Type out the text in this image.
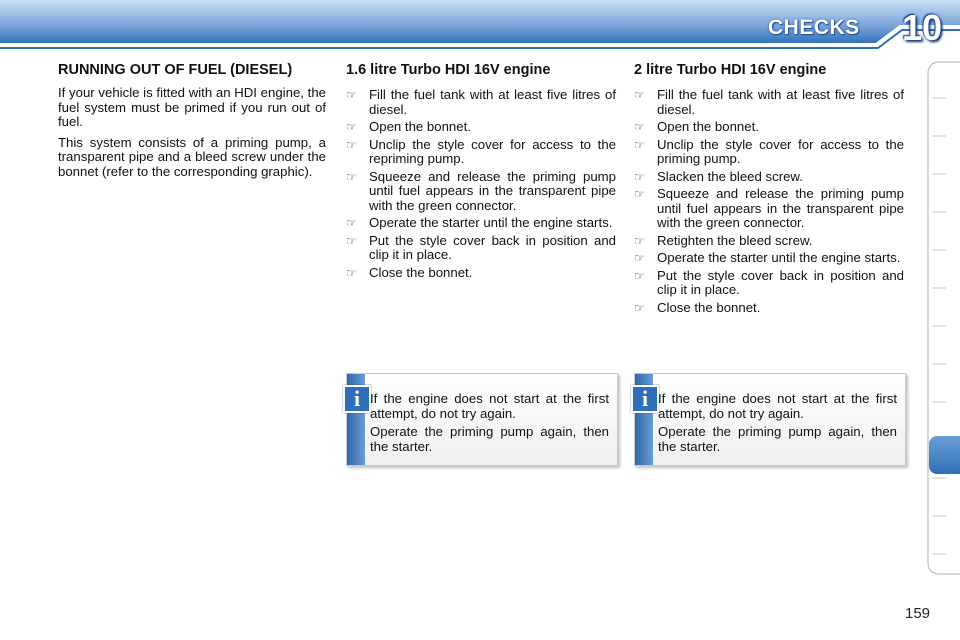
CHECKS 10
RUNNING OUT OF FUEL (DIESEL)

If your vehicle is fitted with an HDI engine, the fuel system must be primed if you run out of fuel.

This system consists of a priming pump, a transparent pipe and a bleed screw under the bonnet (refer to the corresponding graphic).

1.6 litre Turbo HDI 16V engine
☞ Fill the fuel tank with at least five litres of diesel.
☞ Open the bonnet.
☞ Unclip the style cover for access to the repriming pump.
☞ Squeeze and release the priming pump until fuel appears in the transparent pipe with the green connector.
☞ Operate the starter until the engine starts.
☞ Put the style cover back in position and clip it in place.
☞ Close the bonnet.
2 litre Turbo HDI 16V engine
☞ Fill the fuel tank with at least five litres of diesel.
☞ Open the bonnet.
☞ Unclip the style cover for access to the priming pump.
☞ Slacken the bleed screw.
☞ Squeeze and release the priming pump until fuel appears in the transparent pipe with the green connector.
☞ Retighten the bleed screw.
☞ Operate the starter until the engine starts.
☞ Put the style cover back in position and clip it in place.
☞ Close the bonnet.
i If the engine does not start at the first attempt, do not try again.

Operate the priming pump again, then the starter.

i If the engine does not start at the first attempt, do not try again.

Operate the priming pump again, then the starter.

159
